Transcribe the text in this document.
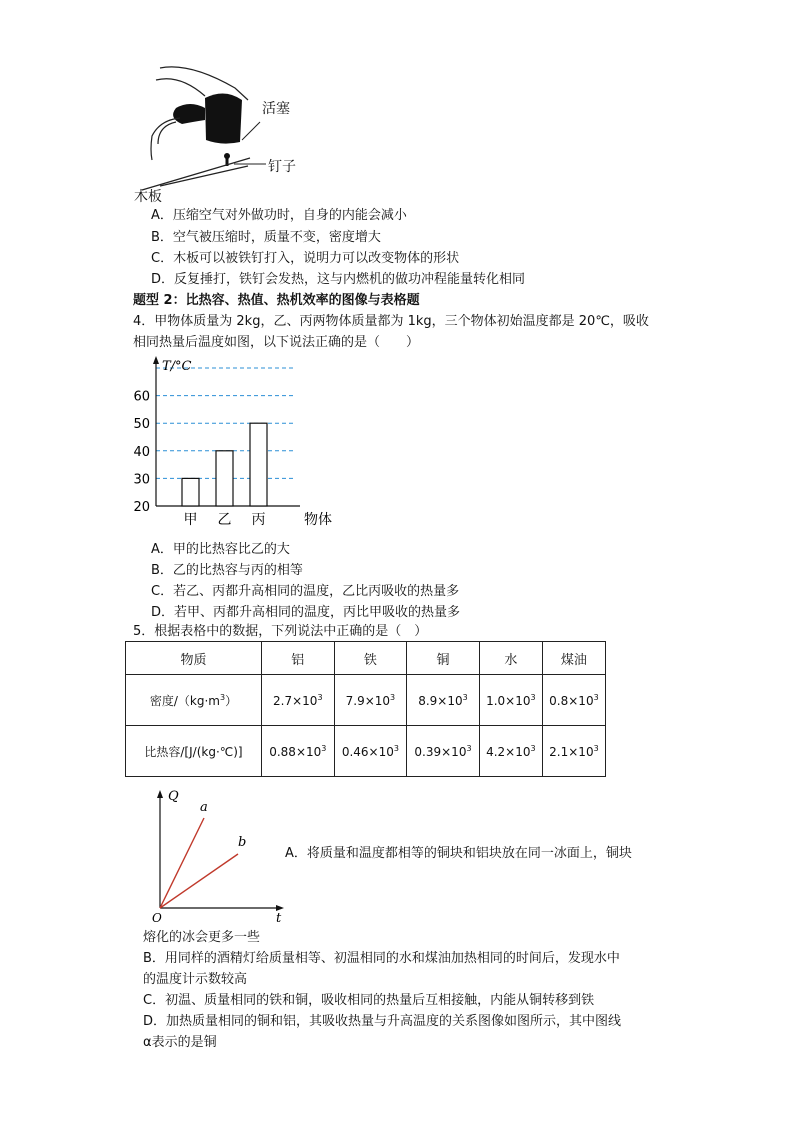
活塞
钉子
木板
A．压缩空气对外做功时，自身的内能会减小
B．空气被压缩时，质量不变，密度增大
C．木板可以被铁钉打入，说明力可以改变物体的形状
D．反复捶打，铁钉会发热，这与内燃机的做功冲程能量转化相同
题型 2：比热容、热值、热机效率的图像与表格题
4．甲物体质量为 2kg，乙、丙两物体质量都为 1kg，三个物体初始温度都是 20℃，吸收
相同热量后温度如图，以下说法正确的是（　　）
20
30
40
50
60
T/°C
甲 乙 丙	物体
A．甲的比热容比乙的大
B．乙的比热容与丙的相等
C．若乙、丙都升高相同的温度，乙比丙吸收的热量多
D．若甲、丙都升高相同的温度，丙比甲吸收的热量多
5．根据表格中的数据，下列说法中正确的是（　）
物质	铝	铁	铜	水	煤油
密度$/(kg\cdot m^3)$	$2.7\times 10^3$	$7.9\times 10^3$	$8.9\times 10^3$	$1.0\times 10^3$	$0.8\times 10^3$
比热容/[J/(kg·℃)]	$0.88\times 10^3$	$0.46\times 10^3$	$0.39\times 10^3$	$4.2\times 10^3$	$2.1\times 10^3$
Q
t
O
a
b
A．将质量和温度都相等的铜块和铝块放在同一冰面上，铜块
熔化的冰会更多一些
B．用同样的酒精灯给质量相等、初温相同的水和煤油加热相同的时间后，发现水中
的温度计示数较高
C．初温、质量相同的铁和铜，吸收相同的热量后互相接触，内能从铜转移到铁
D．加热质量相同的铜和铝，其吸收热量与升高温度的关系图像如图所示，其中图线
α表示的是铜
